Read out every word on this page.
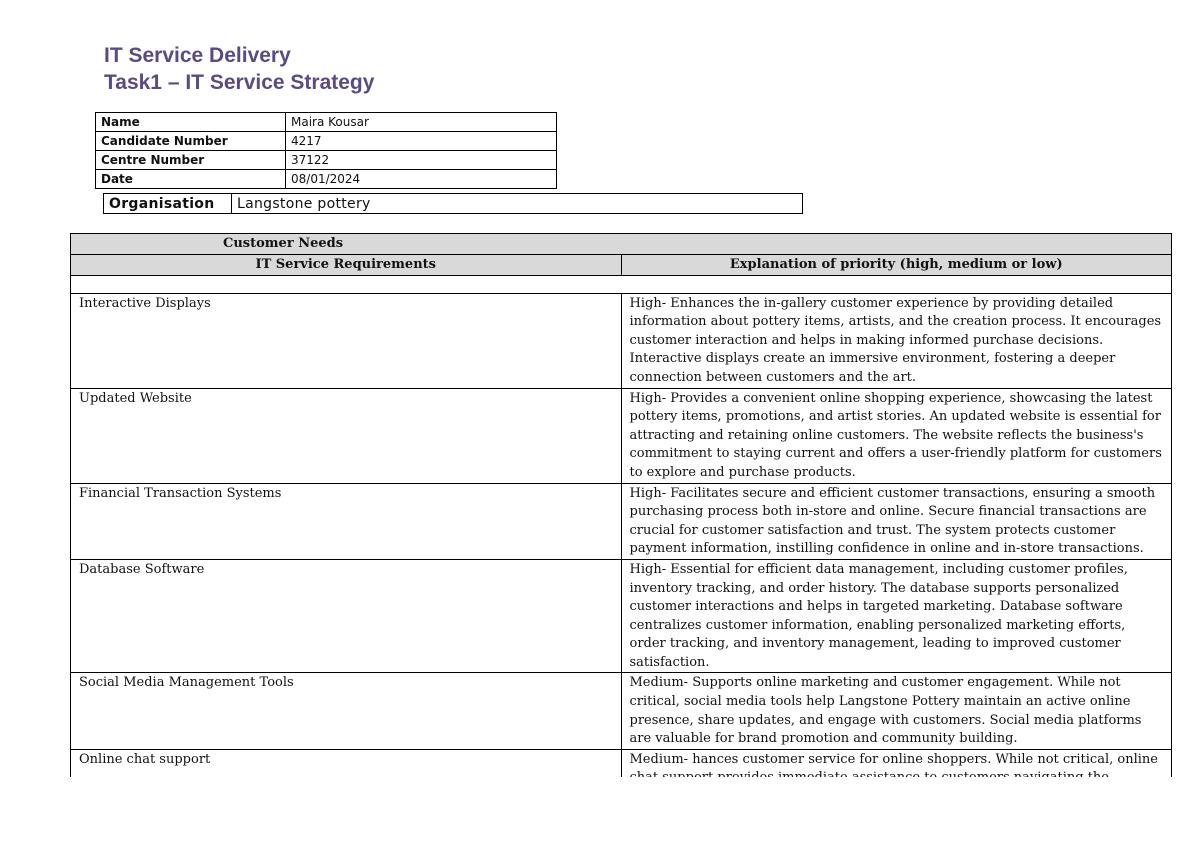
IT Service Delivery
Task1 – IT Service Strategy
Name	Maira Kousar
Candidate Number	4217
Centre Number	37122
Date	08/01/2024
Organisation	Langstone pottery
Customer Needs	
IT Service Requirements	Explanation of priority (high, medium or low)

Interactive Displays	High- Enhances the in-gallery customer experience by providing detailed information about pottery items, artists, and the creation process. It encourages customer interaction and helps in making informed purchase decisions. Interactive displays create an immersive environment, fostering a deeper connection between customers and the art.
Updated Website	High- Provides a convenient online shopping experience, showcasing the latest pottery items, promotions, and artist stories. An updated website is essential for attracting and retaining online customers. The website reflects the business's commitment to staying current and offers a user-friendly platform for customers to explore and purchase products.
Financial Transaction Systems	High- Facilitates secure and efficient customer transactions, ensuring a smooth purchasing process both in-store and online. Secure financial transactions are crucial for customer satisfaction and trust. The system protects customer payment information, instilling confidence in online and in-store transactions.
Database Software	High- Essential for efficient data management, including customer profiles, inventory tracking, and order history. The database supports personalized customer interactions and helps in targeted marketing. Database software centralizes customer information, enabling personalized marketing efforts, order tracking, and inventory management, leading to improved customer satisfaction.
Social Media Management Tools	Medium- Supports online marketing and customer engagement. While not critical, social media tools help Langstone Pottery maintain an active online presence, share updates, and engage with customers. Social media platforms are valuable for brand promotion and community building.
Online chat support	Medium- hances customer service for online shoppers. While not critical, online
